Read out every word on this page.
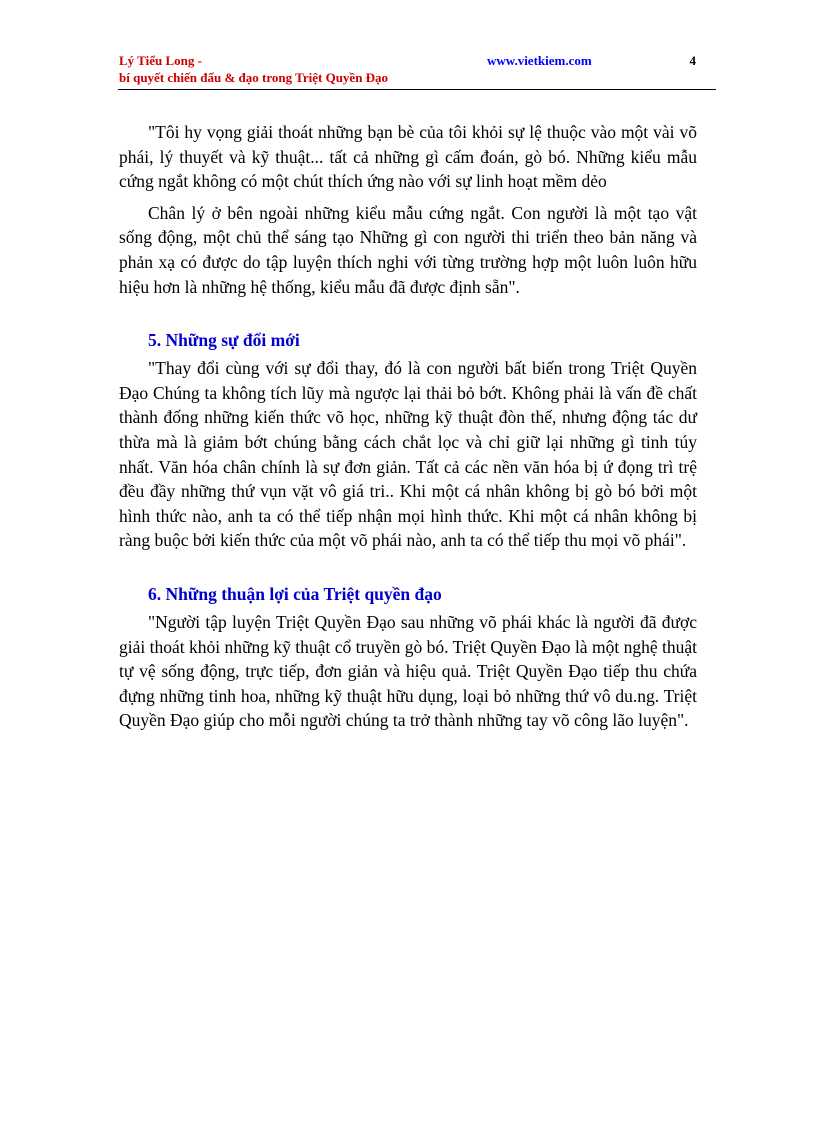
Lý Tiểu Long -
bí quyết chiến đấu & đạo trong Triệt Quyền Đạo
www.vietkiem.com	4

"Tôi hy vọng giải thoát những bạn bè của tôi khỏi sự lệ thuộc vào một vài võ phái, lý thuyết và kỹ thuật... tất cả những gì cấm đoán, gò bó. Những kiểu mẫu cứng ngắt không có một chút thích ứng nào với sự linh hoạt mềm dẻo

Chân lý ở bên ngoài những kiểu mẫu cứng ngắt. Con người là một tạo vật sống động, một chủ thể sáng tạo Những gì con người thi triển theo bản năng và phản xạ có được do tập luyện thích nghi với từng trường hợp một luôn luôn hữu hiệu hơn là những hệ thống, kiểu mẫu đã được định sẵn".

5. Những sự đổi mới

"Thay đổi cùng với sự đổi thay, đó là con người bất biến trong Triệt Quyền Đạo Chúng ta không tích lũy mà ngược lại thải bỏ bớt. Không phải là vấn đề chất thành đống những kiến thức võ học, những kỹ thuật đòn thế, nhưng động tác dư thừa mà là giảm bớt chúng bằng cách chắt lọc và chỉ giữ lại những gì tinh túy nhất. Văn hóa chân chính là sự đơn giản. Tất cả các nền văn hóa bị ứ đọng trì trệ đều đầy những thứ vụn vặt vô giá tri.. Khi một cá nhân không bị gò bó bởi một hình thức nào, anh ta có thể tiếp nhận mọi hình thức. Khi một cá nhân không bị ràng buộc bởi kiến thức của một võ phái nào, anh ta có thể tiếp thu mọi võ phái".

6. Những thuận lợi của Triệt quyền đạo

"Người tập luyện Triệt Quyền Đạo sau những võ phái khác là người đã được giải thoát khỏi những kỹ thuật cổ truyền gò bó. Triệt Quyền Đạo là một nghệ thuật tự vệ sống động, trực tiếp, đơn giản và hiệu quả. Triệt Quyền Đạo tiếp thu chứa đựng những tinh hoa, những kỹ thuật hữu dụng, loại bỏ những thứ vô du.ng. Triệt Quyền Đạo giúp cho mỗi người chúng ta trở thành những tay võ công lão luyện".
